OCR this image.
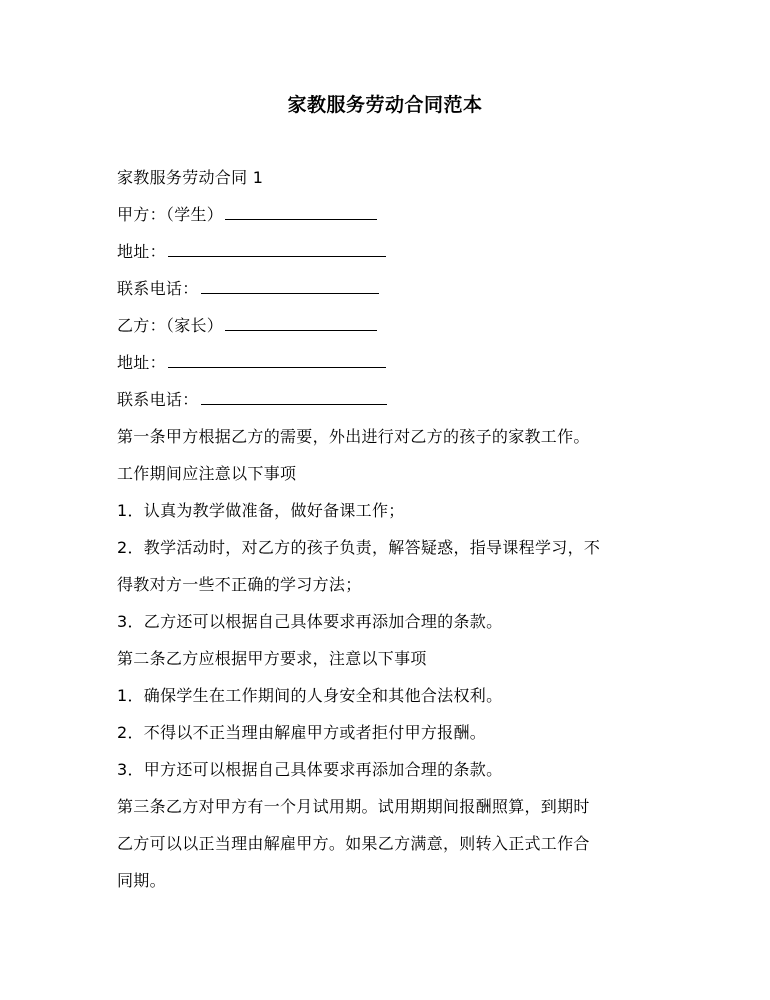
家教服务劳动合同范本
家教服务劳动合同 1
甲方：（学生）
地址：
联系电话：
乙方：（家长）
地址：
联系电话：
第一条甲方根据乙方的需要，外出进行对乙方的孩子的家教工作。
工作期间应注意以下事项
1．认真为教学做准备，做好备课工作；
2．教学活动时，对乙方的孩子负责，解答疑惑，指导课程学习，不
得教对方一些不正确的学习方法；
3．乙方还可以根据自己具体要求再添加合理的条款。
第二条乙方应根据甲方要求，注意以下事项
1．确保学生在工作期间的人身安全和其他合法权利。
2．不得以不正当理由解雇甲方或者拒付甲方报酬。
3．甲方还可以根据自己具体要求再添加合理的条款。
第三条乙方对甲方有一个月试用期。试用期期间报酬照算，到期时
乙方可以以正当理由解雇甲方。如果乙方满意，则转入正式工作合
同期。
